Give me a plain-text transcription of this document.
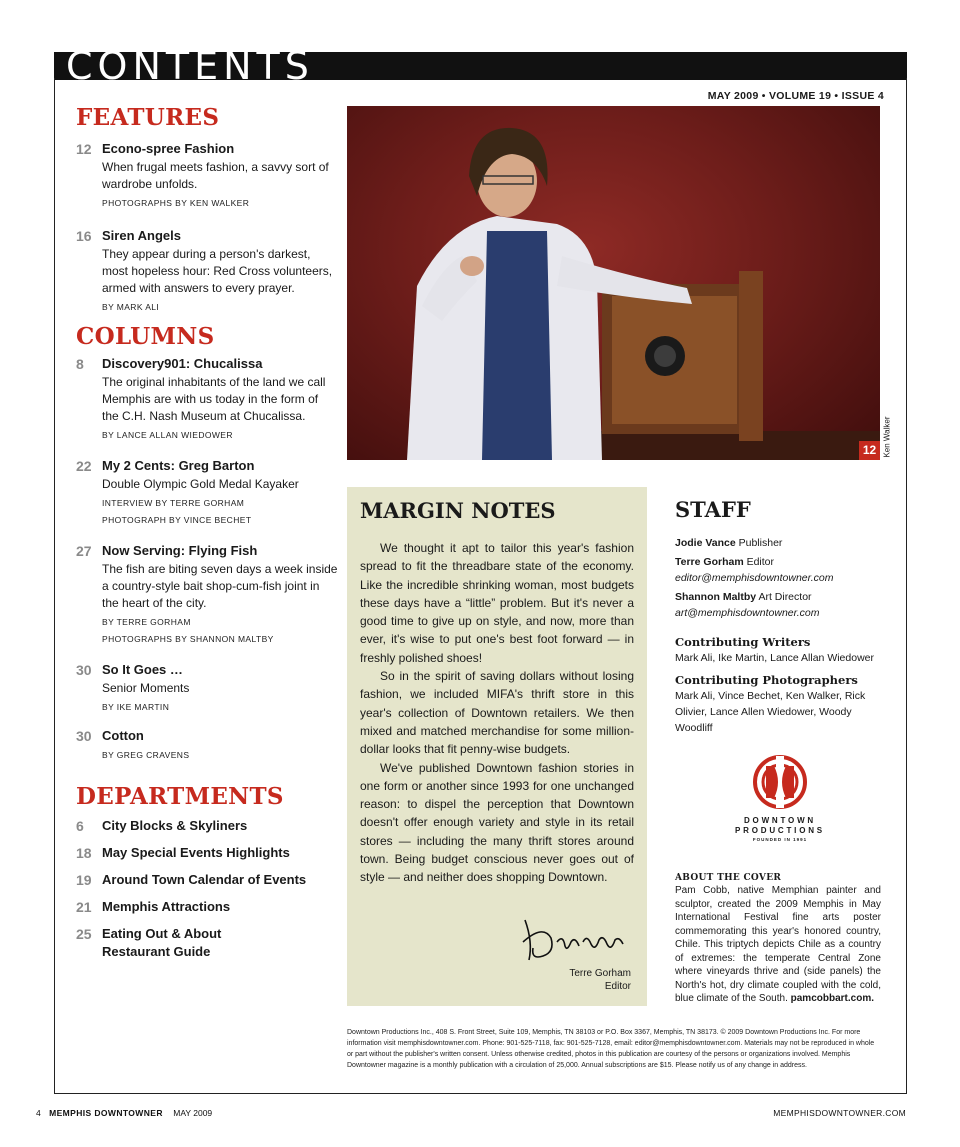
CONTENTS
MAY 2009 • VOLUME 19 • ISSUE 4
FEATURES
12 Econo-spree Fashion
When frugal meets fashion, a savvy sort of wardrobe unfolds.
PHOTOGRAPHS BY KEN WALKER
16 Siren Angels
They appear during a person's darkest, most hopeless hour: Red Cross volunteers, armed with answers to every prayer.
BY MARK ALI
COLUMNS
8 Discovery901: Chucalissa
The original inhabitants of the land we call Memphis are with us today in the form of the C.H. Nash Museum at Chucalissa.
BY LANCE ALLAN WIEDOWER
22 My 2 Cents: Greg Barton
Double Olympic Gold Medal Kayaker
INTERVIEW BY TERRE GORHAM
PHOTOGRAPH BY VINCE BECHET
27 Now Serving: Flying Fish
The fish are biting seven days a week inside a country-style bait shop-cum-fish joint in the heart of the city.
BY TERRE GORHAM
PHOTOGRAPHS BY SHANNON MALTBY
30 So It Goes …
Senior Moments
BY IKE MARTIN
30 Cotton
BY GREG CRAVENS
DEPARTMENTS
6 City Blocks & Skyliners
18 May Special Events Highlights
19 Around Town Calendar of Events
21 Memphis Attractions
25 Eating Out & About
Restaurant Guide
12 Ken Walker
MARGIN NOTES

We thought it apt to tailor this year's fashion spread to fit the threadbare state of the economy. Like the incredible shrinking woman, most budgets these days have a “little” problem. But it's never a good time to give up on style, and now, more than ever, it's wise to put one's best foot forward — in freshly polished shoes!

So in the spirit of saving dollars without losing fashion, we included MIFA's thrift store in this year's collection of Downtown retailers. We then mixed and matched merchandise for some million-dollar looks that fit penny-wise budgets.

We've published Downtown fashion stories in one form or another since 1993 for one unchanged reason: to dispel the perception that Downtown doesn't offer enough variety and style in its retail stores — including the many thrift stores around town. Being budget conscious never goes out of style — and neither does shopping Downtown.

Terre Gorham
Editor
STAFF
Jodie Vance Publisher
Terre Gorham Editor
editor@memphisdowntowner.com
Shannon Maltby Art Director
art@memphisdowntowner.com
Contributing Writers
Mark Ali, Ike Martin, Lance Allan Wiedower
Contributing Photographers
Mark Ali, Vince Bechet, Ken Walker, Rick Olivier, Lance Allen Wiedower, Woody Woodliff
DOWNTOWN
PRODUCTIONS
FOUNDED IN 1991
ABOUT THE COVER
Pam Cobb, native Memphian painter and sculptor, created the 2009 Memphis in May International Festival fine arts poster commemorating this year's honored country, Chile. This triptych depicts Chile as a country of extremes: the temperate Central Zone where vineyards thrive and (side panels) the North's hot, dry climate coupled with the cold, blue climate of the South. pamcobbart.com.
Downtown Productions Inc., 408 S. Front Street, Suite 109, Memphis, TN 38103 or P.O. Box 3367, Memphis, TN 38173. © 2009 Downtown Productions Inc. For more information visit memphisdowntowner.com. Phone: 901-525-7118, fax: 901-525-7128, email: editor@memphisdowntowner.com. Materials may not be reproduced in whole or part without the publisher's written consent. Unless otherwise credited, photos in this publication are courtesy of the persons or organizations involved. Memphis Downtowner magazine is a monthly publication with a circulation of 25,000. Annual subscriptions are $15. Please notify us of any change in address.
4 MEMPHIS DOWNTOWNER MAY 2009	MEMPHISDOWNTOWNER.COM
